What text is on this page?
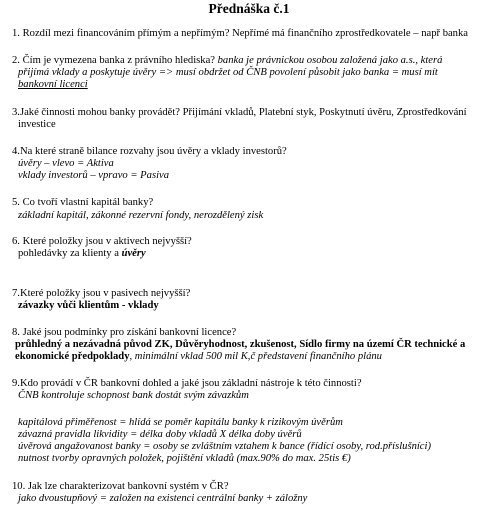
Přednáška č.1
1. Rozdíl mezi financováním přímým a nepřímým? Nepřímé má finančního zprostředkovatele – např banka
2. Čím je vymezena banka z právního hlediska? banka je právnickou osobou založená jako a.s., která
přijímá vklady a poskytuje úvěry => musí obdržet od ČNB povolení působit jako banka = musí mít
bankovní licenci
3.Jaké činnosti mohou banky provádět? Přijímání vkladů, Platební styk, Poskytnutí úvěru, Zprostředkování
investice
4.Na které straně bilance rozvahy jsou úvěry a vklady investorů?
úvěry – vlevo = Aktiva
vklady investorů – vpravo = Pasiva
5. Co tvoří vlastní kapitál banky?
základní kapitál, zákonné rezervní fondy, nerozdělený zisk
6. Které položky jsou v aktivech nejvyšší?
pohledávky za klienty a úvěry
7.Které položky jsou v pasivech nejvyšší?
závazky vůči klientům - vklady
8. Jaké jsou podmínky pro získání bankovní licence?
průhledný a nezávadná původ ZK, Důvěryhodnost, zkušenost, Sídlo firmy na území ČR technické a
ekonomické předpoklady, minimální vklad 500 mil K,č představení finančního plánu
9.Kdo provádí v ČR bankovní dohled a jaké jsou základní nástroje k této činnosti?
ČNB kontroluje schopnost bank dostát svým závazkům
kapitálová přiměřenost = hlídá se poměr kapitálu banky k rizikovým úvěrům
závazná pravidla likvidity = délka doby vkladů X délka doby úvěrů
úvěrová angažovanost banky = osoby se zvláštním vztahem k bance (řídící osoby, rod.příslušníci)
nutnost tvorby opravných položek, pojištění vkladů (max.90% do max. 25tis €)
10. Jak lze charakterizovat bankovní systém v ČR?
jako dvoustupňový = založen na existenci centrální banky + záložny
